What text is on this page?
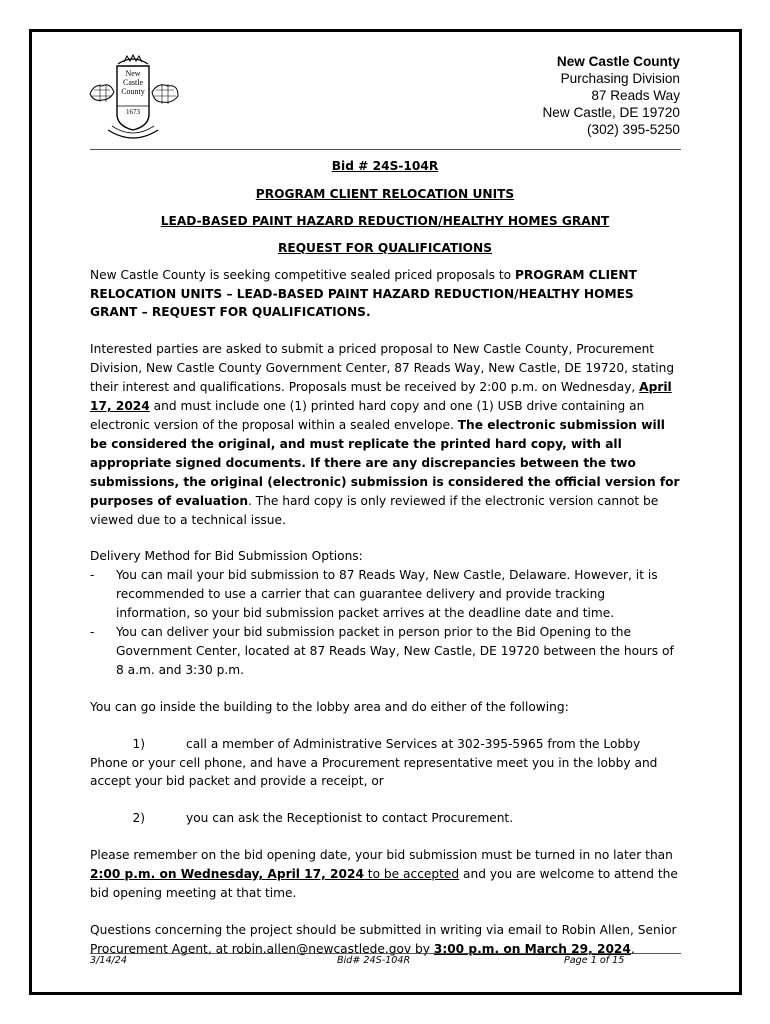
New
Castle
County
1673
New Castle County
Purchasing Division
87 Reads Way
New Castle, DE 19720
(302) 395-5250

Bid # 24S-104R

PROGRAM CLIENT RELOCATION UNITS

LEAD-BASED PAINT HAZARD REDUCTION/HEALTHY HOMES GRANT

REQUEST FOR QUALIFICATIONS

New Castle County is seeking competitive sealed priced proposals to PROGRAM CLIENT RELOCATION UNITS – LEAD-BASED PAINT HAZARD REDUCTION/HEALTHY HOMES GRANT – REQUEST FOR QUALIFICATIONS.

Interested parties are asked to submit a priced proposal to New Castle County, Procurement Division, New Castle County Government Center, 87 Reads Way, New Castle, DE 19720, stating their interest and qualifications. Proposals must be received by 2:00 p.m. on Wednesday, April 17, 2024 and must include one (1) printed hard copy and one (1) USB drive containing an electronic version of the proposal within a sealed envelope. The electronic submission will be considered the original, and must replicate the printed hard copy, with all appropriate signed documents. If there are any discrepancies between the two submissions, the original (electronic) submission is considered the official version for purposes of evaluation. The hard copy is only reviewed if the electronic version cannot be viewed due to a technical issue.

Delivery Method for Bid Submission Options:

- You can mail your bid submission to 87 Reads Way, New Castle, Delaware. However, it is recommended to use a carrier that can guarantee delivery and provide tracking information, so your bid submission packet arrives at the deadline date and time.
- You can deliver your bid submission packet in person prior to the Bid Opening to the Government Center, located at 87 Reads Way, New Castle, DE 19720 between the hours of 8 a.m. and 3:30 p.m.

You can go inside the building to the lobby area and do either of the following:

1)	call a member of Administrative Services at 302-395-5965 from the Lobby

Phone or your cell phone, and have a Procurement representative meet you in the lobby and accept your bid packet and provide a receipt, or

2)	you can ask the Receptionist to contact Procurement.

Please remember on the bid opening date, your bid submission must be turned in no later than 2:00 p.m. on Wednesday, April 17, 2024 to be accepted and you are welcome to attend the bid opening meeting at that time.

Questions concerning the project should be submitted in writing via email to Robin Allen, Senior Procurement Agent, at robin.allen@newcastlede.gov by 3:00 p.m. on March 29, 2024.

3/14/24	Bid# 24S-104R	Page 1 of 15
